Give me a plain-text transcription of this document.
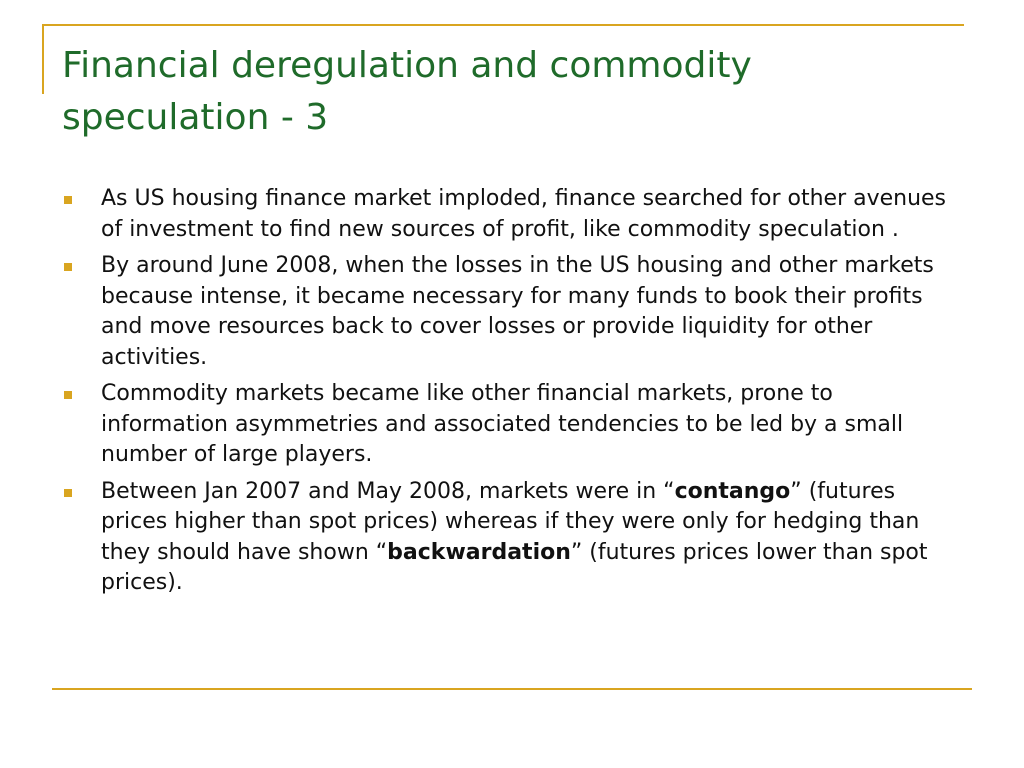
Financial deregulation and commodity
speculation - 3
As US housing finance market imploded, finance searched for other avenues of investment to find new sources of profit, like commodity speculation .
By around June 2008, when the losses in the US housing and other markets because intense, it became necessary for many funds to book their profits and move resources back to cover losses or provide liquidity for other activities.
Commodity markets became like other financial markets, prone to information asymmetries and associated tendencies to be led by a small number of large players.
Between Jan 2007 and May 2008, markets were in “contango” (futures prices higher than spot prices) whereas if they were only for hedging than they should have shown “backwardation” (futures prices lower than spot prices).
